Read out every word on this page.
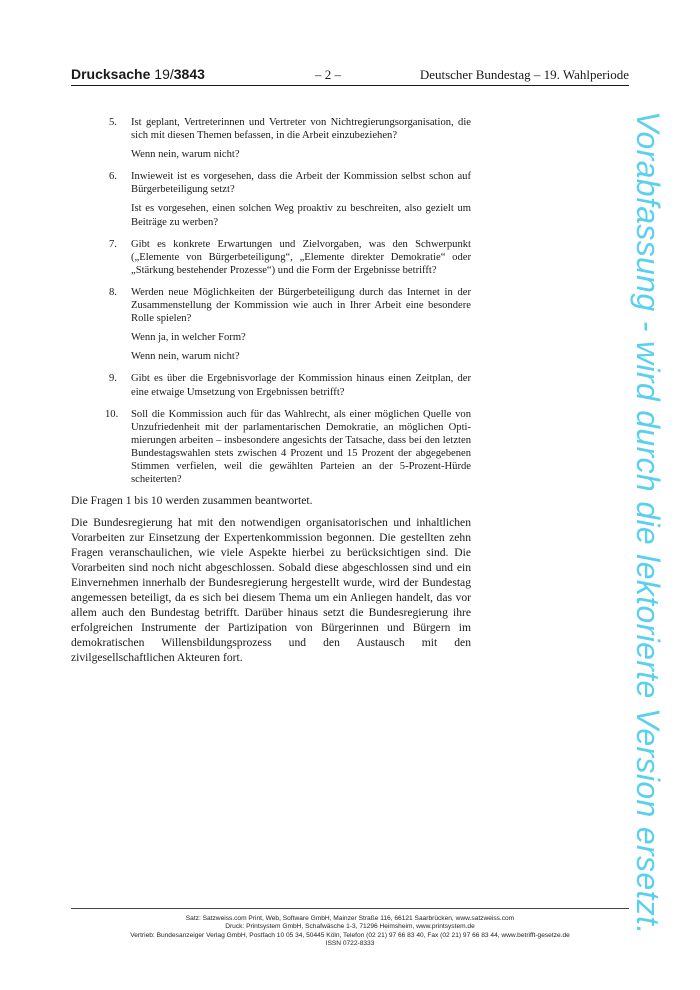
Drucksache 19/3843	– 2 –	Deutscher Bundestag – 19. Wahlperiode
5. Ist geplant, Vertreterinnen und Vertreter von Nichtregierungsorganisation, die sich mit diesen Themen befassen, in die Arbeit einzubeziehen?

Wenn nein, warum nicht?

6. Inwieweit ist es vorgesehen, dass die Arbeit der Kommission selbst schon auf Bürgerbeteiligung setzt?

Ist es vorgesehen, einen solchen Weg proaktiv zu beschreiten, also gezielt um Beiträge zu werben?

7. Gibt es konkrete Erwartungen und Zielvorgaben, was den Schwerpunkt („Elemente von Bürgerbeteiligung“, „Elemente direkter Demokratie“ oder „Stärkung bestehender Prozesse“) und die Form der Ergebnisse betrifft?

8. Werden neue Möglichkeiten der Bürgerbeteiligung durch das Internet in der Zusammenstellung der Kommission wie auch in Ihrer Arbeit eine besondere Rolle spielen?

Wenn ja, in welcher Form?

Wenn nein, warum nicht?

9. Gibt es über die Ergebnisvorlage der Kommission hinaus einen Zeitplan, der eine etwaige Umsetzung von Ergebnissen betrifft?

10. Soll die Kommission auch für das Wahlrecht, als einer möglichen Quelle von Unzufriedenheit mit der parlamentarischen Demokratie, an möglichen Optimierungen arbeiten – insbesondere angesichts der Tatsache, dass bei den letzten Bundestagswahlen stets zwischen 4 Prozent und 15 Prozent der abgegebenen Stimmen verfielen, weil die gewählten Parteien an der 5-Prozent-Hürde scheiterten?

Die Fragen 1 bis 10 werden zusammen beantwortet.

Die Bundesregierung hat mit den notwendigen organisatorischen und inhaltlichen Vorarbeiten zur Einsetzung der Expertenkommission begonnen. Die gestellten zehn Fragen veranschaulichen, wie viele Aspekte hierbei zu berücksichtigen sind. Die Vorarbeiten sind noch nicht abgeschlossen. Sobald diese abgeschlossen sind und ein Einvernehmen innerhalb der Bundesregierung hergestellt wurde, wird der Bundestag angemessen beteiligt, da es sich bei diesem Thema um ein Anliegen handelt, das vor allem auch den Bundestag betrifft. Darüber hinaus setzt die Bundesregierung ihre erfolgreichen Instrumente der Partizipation von Bürgerinnen und Bürgern im demokratischen Willensbildungsprozess und den Austausch mit den zivilgesellschaftlichen Akteuren fort.	Vorabfassung - wird durch die lektorierte Version ersetzt.
Satz: Satzweiss.com Print, Web, Software GmbH, Mainzer Straße 116, 66121 Saarbrücken, www.satzweiss.com
Druck: Printsystem GmbH, Schafwäsche 1-3, 71296 Heimsheim, www.printsystem.de
Vertrieb: Bundesanzeiger Verlag GmbH, Postfach 10 05 34, 50445 Köln, Telefon (02 21) 97 66 83 40, Fax (02 21) 97 66 83 44, www.betrifft-gesetze.de
ISSN 0722-8333
